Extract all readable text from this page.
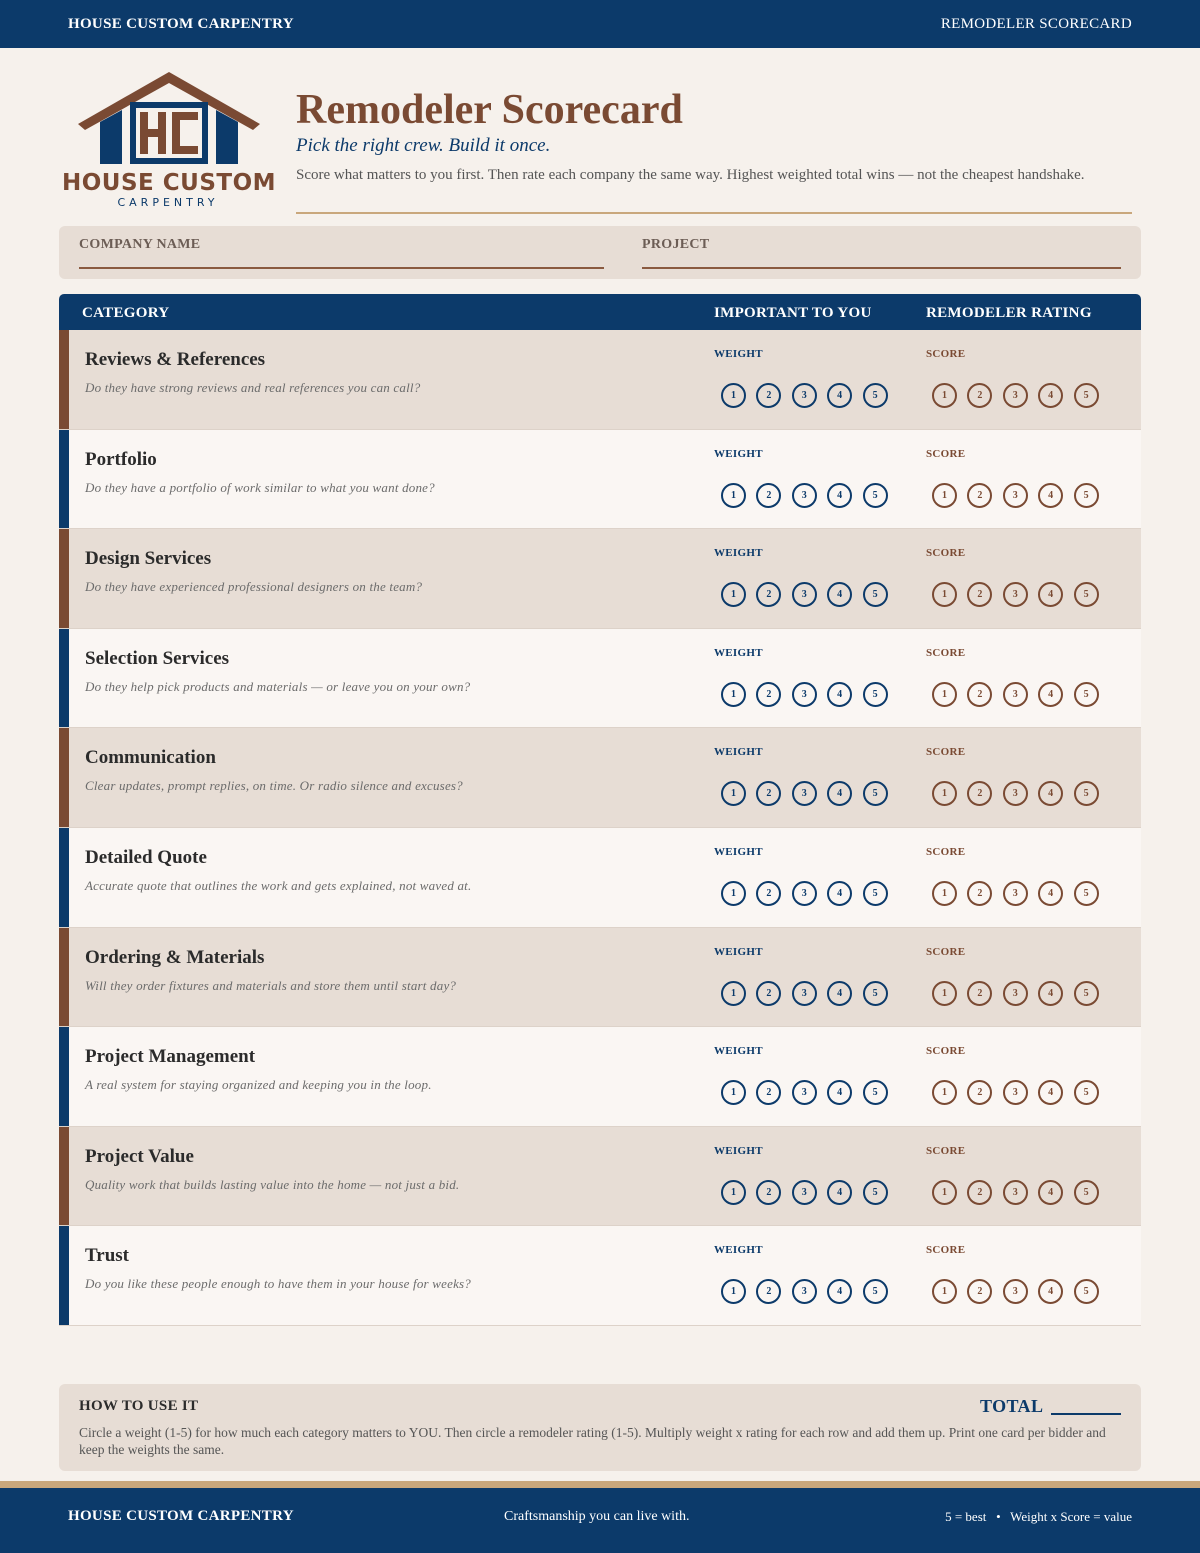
HOUSE CUSTOM CARPENTRY	REMODELER SCORECARD
HOUSE CUSTOM
CARPENTRY
Remodeler Scorecard
Pick the right crew. Build it once.
Score what matters to you first. Then rate each company the same way. Highest weighted total wins — not the cheapest handshake.
COMPANY NAME	PROJECT
CATEGORY	IMPORTANT TO YOU	REMODELER RATING
Reviews & References
Do they have strong reviews and real references you can call?
WEIGHT	SCORE
1	2	3	4	5	1	2	3	4	5
Portfolio
Do they have a portfolio of work similar to what you want done?
WEIGHT	SCORE
1	2	3	4	5	1	2	3	4	5
Design Services
Do they have experienced professional designers on the team?
WEIGHT	SCORE
1	2	3	4	5	1	2	3	4	5
Selection Services
Do they help pick products and materials — or leave you on your own?
WEIGHT	SCORE
1	2	3	4	5	1	2	3	4	5
Communication
Clear updates, prompt replies, on time. Or radio silence and excuses?
WEIGHT	SCORE
1	2	3	4	5	1	2	3	4	5
Detailed Quote
Accurate quote that outlines the work and gets explained, not waved at.
WEIGHT	SCORE
1	2	3	4	5	1	2	3	4	5
Ordering & Materials
Will they order fixtures and materials and store them until start day?
WEIGHT	SCORE
1	2	3	4	5	1	2	3	4	5
Project Management
A real system for staying organized and keeping you in the loop.
WEIGHT	SCORE
1	2	3	4	5	1	2	3	4	5
Project Value
Quality work that builds lasting value into the home — not just a bid.
WEIGHT	SCORE
1	2	3	4	5	1	2	3	4	5
Trust
Do you like these people enough to have them in your house for weeks?
WEIGHT	SCORE
1	2	3	4	5	1	2	3	4	5
HOW TO USE IT	TOTAL
Circle a weight (1-5) for how much each category matters to YOU. Then circle a remodeler rating (1-5). Multiply weight x rating for each row and add them up. Print one card per bidder and keep the weights the same.
HOUSE CUSTOM CARPENTRY	Craftsmanship you can live with.	5 = best   •   Weight x Score = value
